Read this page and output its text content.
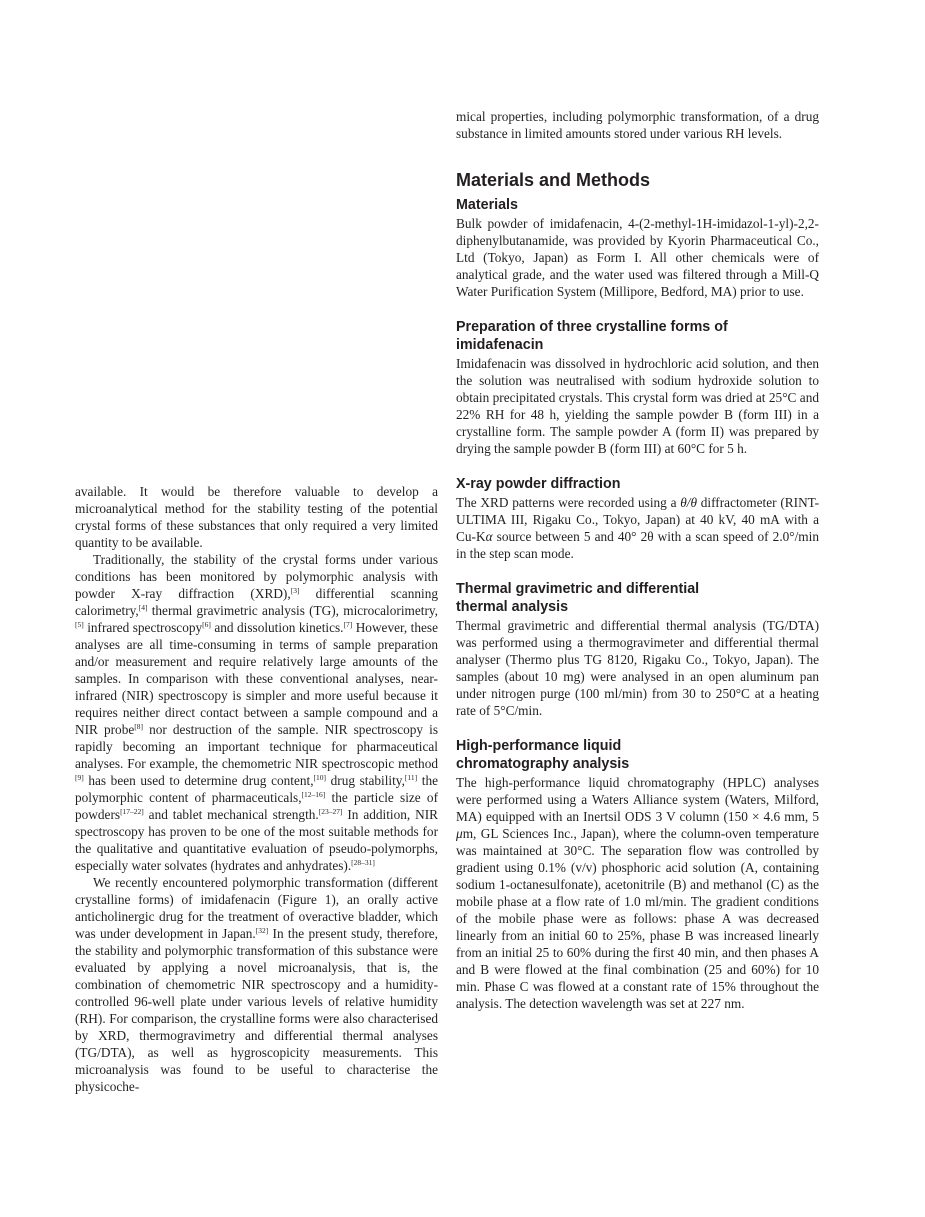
available. It would be therefore valuable to develop a microanalytical method for the stability testing of the potential crystal forms of these substances that only required a very limited quantity to be available.

Traditionally, the stability of the crystal forms under various conditions has been monitored by polymorphic analysis with powder X-ray diffraction (XRD),[3] differential scanning calorimetry,[4] thermal gravimetric analysis (TG), microcalorimetry,[5] infrared spectroscopy[6] and dissolution kinetics.[7] However, these analyses are all time-consuming in terms of sample preparation and/or measurement and require relatively large amounts of the samples. In comparison with these conventional analyses, near-infrared (NIR) spectroscopy is simpler and more useful because it requires neither direct contact between a sample compound and a NIR probe[8] nor destruction of the sample. NIR spectroscopy is rapidly becoming an important technique for pharmaceutical analyses. For example, the chemometric NIR spectroscopic method [9] has been used to determine drug content,[10] drug stability,[11] the polymorphic content of pharmaceuticals,[12–16] the particle size of powders[17–22] and tablet mechanical strength.[23–27] In addition, NIR spectroscopy has proven to be one of the most suitable methods for the qualitative and quantitative evaluation of pseudo-polymorphs, especially water solvates (hydrates and anhydrates).[28–31]

We recently encountered polymorphic transformation (different crystalline forms) of imidafenacin (Figure 1), an orally active anticholinergic drug for the treatment of overactive bladder, which was under development in Japan.[32] In the present study, therefore, the stability and polymorphic transformation of this substance were evaluated by applying a novel microanalysis, that is, the combination of chemometric NIR spectroscopy and a humidity-controlled 96-well plate under various levels of relative humidity (RH). For comparison, the crystalline forms were also characterised by XRD, thermogravimetry and differential thermal analyses (TG/DTA), as well as hygroscopicity measurements. This microanalysis was found to be useful to characterise the physicoche-

mical properties, including polymorphic transformation, of a drug substance in limited amounts stored under various RH levels.

Materials and Methods
Materials

Bulk powder of imidafenacin, 4-(2-methyl-1H-imidazol-1-yl)-2,2-diphenylbutanamide, was provided by Kyorin Pharmaceutical Co., Ltd (Tokyo, Japan) as Form I. All other chemicals were of analytical grade, and the water used was filtered through a Mill-Q Water Purification System (Millipore, Bedford, MA) prior to use.

Preparation of three crystalline forms of imidafenacin

Imidafenacin was dissolved in hydrochloric acid solution, and then the solution was neutralised with sodium hydroxide solution to obtain precipitated crystals. This crystal form was dried at 25°C and 22% RH for 48 h, yielding the sample powder B (form III) in a crystalline form. The sample powder A (form II) was prepared by drying the sample powder B (form III) at 60°C for 5 h.

X-ray powder diffraction

The XRD patterns were recorded using a θ/θ diffractometer (RINT-ULTIMA III, Rigaku Co., Tokyo, Japan) at 40 kV, 40 mA with a Cu-Kα source between 5 and 40° 2θ with a scan speed of 2.0°/min in the step scan mode.

Thermal gravimetric and differential thermal analysis

Thermal gravimetric and differential thermal analysis (TG/DTA) was performed using a thermogravimeter and differential thermal analyser (Thermo plus TG 8120, Rigaku Co., Tokyo, Japan). The samples (about 10 mg) were analysed in an open aluminum pan under nitrogen purge (100 ml/min) from 30 to 250°C at a heating rate of 5°C/min.

High-performance liquid chromatography analysis

The high-performance liquid chromatography (HPLC) analyses were performed using a Waters Alliance system (Waters, Milford, MA) equipped with an Inertsil ODS 3 V column (150 × 4.6 mm, 5 μm, GL Sciences Inc., Japan), where the column-oven temperature was maintained at 30°C. The separation flow was controlled by gradient using 0.1% (v/v) phosphoric acid solution (A, containing sodium 1-octanesulfonate), acetonitrile (B) and methanol (C) as the mobile phase at a flow rate of 1.0 ml/min. The gradient conditions of the mobile phase were as follows: phase A was decreased linearly from an initial 60 to 25%, phase B was increased linearly from an initial 25 to 60% during the first 40 min, and then phases A and B were flowed at the final combination (25 and 60%) for 10 min. Phase C was flowed at a constant rate of 15% throughout the analysis. The detection wavelength was set at 227 nm.
